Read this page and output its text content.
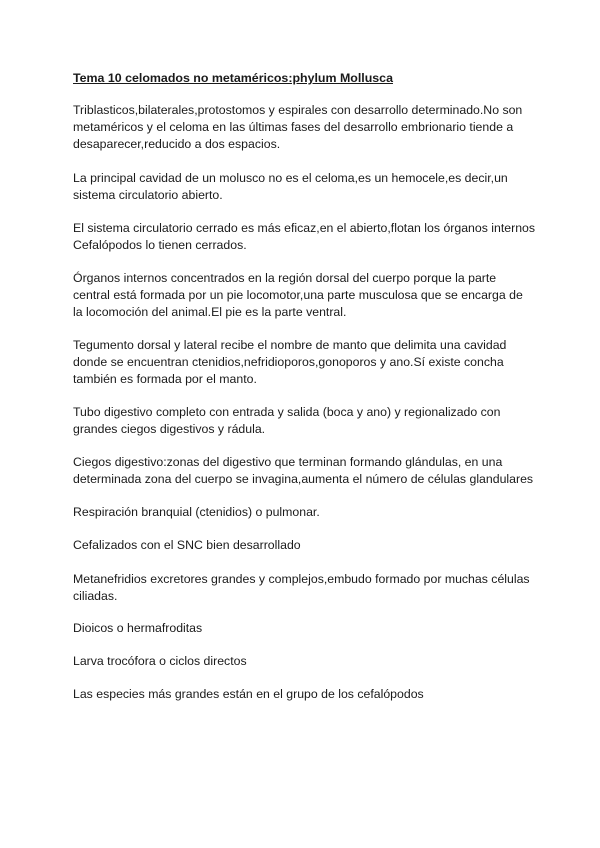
Tema 10 celomados no metaméricos:phylum Mollusca
Triblasticos,bilaterales,protostomos y espirales con desarrollo determinado.No son
metaméricos y el celoma en las últimas fases del desarrollo embrionario tiende a
desaparecer,reducido a dos espacios.
La principal cavidad de un molusco no es el celoma,es un hemocele,es decir,un
sistema circulatorio abierto.
El sistema circulatorio cerrado es más eficaz,en el abierto,flotan los órganos internos
Cefalópodos lo tienen cerrados.
Órganos internos concentrados en la región dorsal del cuerpo porque la parte
central está formada por un pie locomotor,una parte musculosa que se encarga de
la locomoción del animal.El pie es la parte ventral.
Tegumento dorsal y lateral recibe el nombre de manto que delimita una cavidad
donde se encuentran ctenidios,nefridioporos,gonoporos y ano.Sí existe concha
también es formada por el manto.
Tubo digestivo completo con entrada y salida (boca y ano) y regionalizado con
grandes ciegos digestivos y rádula.
Ciegos digestivo:zonas del digestivo que terminan formando glándulas, en una
determinada zona del cuerpo se invagina,aumenta el número de células glandulares
Respiración branquial (ctenidios) o pulmonar.
Cefalizados con el SNC bien desarrollado
Metanefridios excretores grandes y complejos,embudo formado por muchas células
ciliadas.
Dioicos o hermafroditas
Larva trocófora o ciclos directos
Las especies más grandes están en el grupo de los cefalópodos
